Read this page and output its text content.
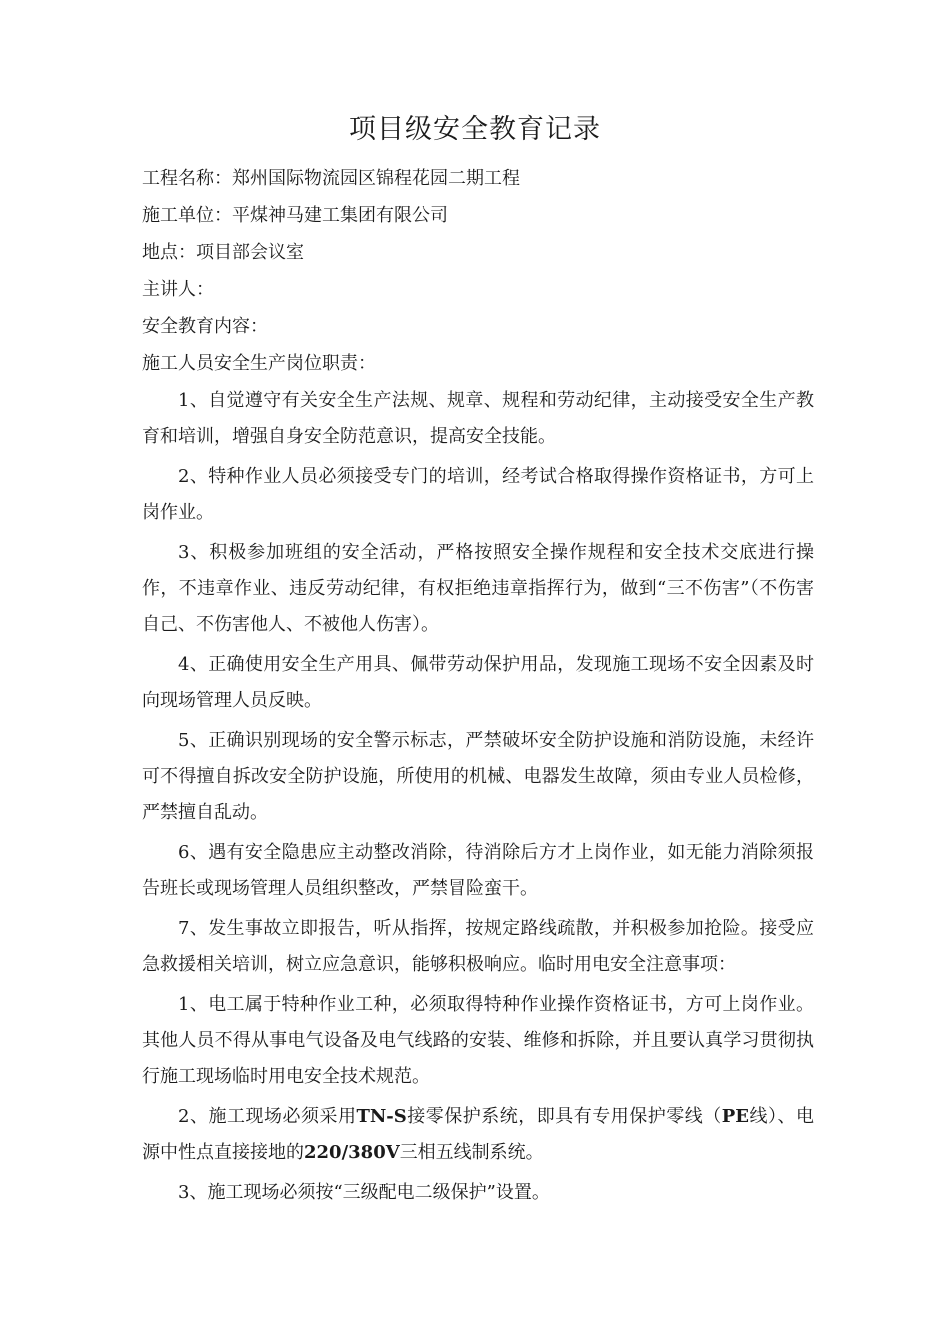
项目级安全教育记录
工程名称：郑州国际物流园区锦程花园二期工程
施工单位：平煤神马建工集团有限公司
地点：项目部会议室
主讲人：
安全教育内容：
施工人员安全生产岗位职责：

1、自觉遵守有关安全生产法规、规章、规程和劳动纪律，主动接受安全生产教育和培训，增强自身安全防范意识，提高安全技能。

2、特种作业人员必须接受专门的培训，经考试合格取得操作资格证书，方可上岗作业。

3、积极参加班组的安全活动，严格按照安全操作规程和安全技术交底进行操作，不违章作业、违反劳动纪律，有权拒绝违章指挥行为，做到“三不伤害”（不伤害自己、不伤害他人、不被他人伤害）。

4、正确使用安全生产用具、佩带劳动保护用品，发现施工现场不安全因素及时向现场管理人员反映。

5、正确识别现场的安全警示标志，严禁破坏安全防护设施和消防设施，未经许可不得擅自拆改安全防护设施，所使用的机械、电器发生故障，须由专业人员检修，严禁擅自乱动。

6、遇有安全隐患应主动整改消除，待消除后方才上岗作业，如无能力消除须报告班长或现场管理人员组织整改，严禁冒险蛮干。

7、发生事故立即报告，听从指挥，按规定路线疏散，并积极参加抢险。接受应急救援相关培训，树立应急意识，能够积极响应。临时用电安全注意事项：

1、电工属于特种作业工种，必须取得特种作业操作资格证书，方可上岗作业。其他人员不得从事电气设备及电气线路的安装、维修和拆除，并且要认真学习贯彻执行施工现场临时用电安全技术规范。

2、施工现场必须采用TN-S接零保护系统，即具有专用保护零线（PE线）、电源中性点直接接地的220/380V三相五线制系统。

3、施工现场必须按“三级配电二级保护”设置。
